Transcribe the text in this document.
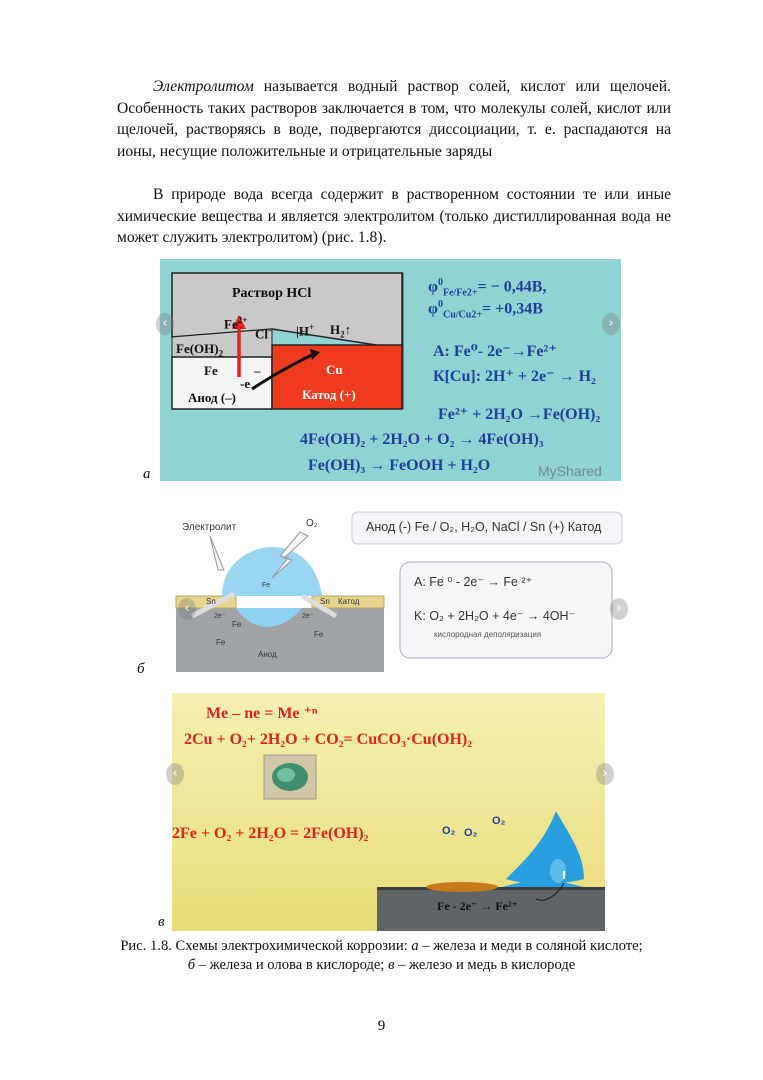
Электролитом называется водный раствор солей, кислот или щелочей. Особенность таких растворов заключается в том, что молекулы солей, кислот или щелочей, растворяясь в воде, подвергаются диссоциации, т. е. распадаются на ионы, несущие положительные и отрицательные заряды

В природе вода всегда содержит в растворенном состоянии те или иные химические вещества и является электролитом (только дистиллированная вода не может служить электролитом) (рис. 1.8).

Раствор HCl
$Fe^{2+}$
Cl– |H+ $H_2↑$
$Fe(OH)_2$
Fe	–
-e
Анод (–)
Cu
Катод (+)
$\varphi^0_{Fe/Fe2+}= - 0,44B$,
$\varphi^0_{Cu/Cu2+}= +0,34B$
A: Fe⁰- 2e⁻→Fe²⁺
К[Cu]: 2H⁺ + 2e⁻ → H₂
Fe²⁺ + 2H₂O →Fe(OH)₂
4Fe(OH)₂ + 2H₂O + O₂ → 4Fe(OH)₃
Fe(OH)₃ → FeOOH + H₂O	MyShared
‹	›
а
Электролит	O₂	Анод (-) Fe / O₂, H₂O, NaCl / Sn (+) Катод
A: Fe ⁰ - 2e⁻ → Fe ²⁺
K: O₂ + 2H₂O + 4e⁻ → 4OH⁻
кислородная деполяризация
Sn	Sn Катод
Анод
Fe
Fe
Fe
Fe
2e⁻	2e⁻
‹	›
б
Me – ne = Me ⁺ⁿ
2Cu + O₂+ 2H₂O + CO₂= CuCO₃·Cu(OH)₂
2Fe + O₂ + 2H₂O = 2Fe(OH)₂	O₂ O₂
O₂
Fe - 2e⁻ → Fe²⁺
‹	›
в
Рис. 1.8. Схемы электрохимической коррозии: а – железа и меди в соляной кислоте;
б – железа и олова в кислороде; в – железо и медь в кислороде
9
